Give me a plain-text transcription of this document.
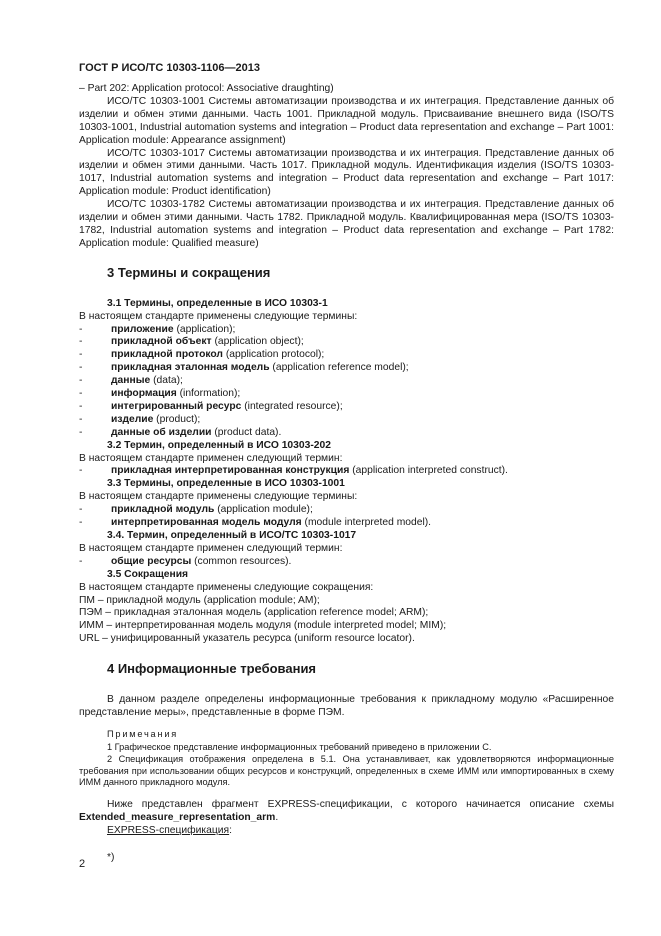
ГОСТ Р ИСО/ТС 10303-1106—2013

– Part 202: Application protocol: Associative draughting)

ИСО/ТС 10303-1001 Системы автоматизации производства и их интеграция. Представление данных об изделии и обмен этими данными. Часть 1001. Прикладной модуль. Присваивание внешнего вида (ISO/TS 10303-1001, Industrial automation systems and integration – Product data representation and exchange – Part 1001: Application module: Appearance assignment)

ИСО/ТС 10303-1017 Системы автоматизации производства и их интеграция. Представление данных об изделии и обмен этими данными. Часть 1017. Прикладной модуль. Идентификация изделия (ISO/TS 10303-1017, Industrial automation systems and integration – Product data representation and exchange – Part 1017: Application module: Product identification)

ИСО/ТС 10303-1782 Системы автоматизации производства и их интеграция. Представление данных об изделии и обмен этими данными. Часть 1782. Прикладной модуль. Квалифицированная мера (ISO/TS 10303-1782, Industrial automation systems and integration – Product data representation and exchange – Part 1782: Application module: Qualified measure)

3 Термины и сокращения
3.1 Термины, определенные в ИСО 10303-1

В настоящем стандарте применены следующие термины:

-	приложение (application);
-	прикладной объект (application object);
-	прикладной протокол (application protocol);
-	прикладная эталонная модель (application reference model);
-	данные (data);
-	информация (information);
-	интегрированный ресурс (integrated resource);
-	изделие (product);
-	данные об изделии (product data).
3.2 Термин, определенный в ИСО 10303-202

В настоящем стандарте применен следующий термин:

-	прикладная интерпретированная конструкция (application interpreted construct).
3.3 Термины, определенные в ИСО 10303-1001

В настоящем стандарте применены следующие термины:

-	прикладной модуль (application module);
-	интерпретированная модель модуля (module interpreted model).
3.4. Термин, определенный в ИСО/ТС 10303-1017

В настоящем стандарте применен следующий термин:

-	общие ресурсы (common resources).
3.5 Сокращения

В настоящем стандарте применены следующие сокращения:

ПМ – прикладной модуль (application module; AM);

ПЭМ – прикладная эталонная модель (application reference model; ARM);

ИММ – интерпретированная модель модуля (module interpreted model; MIM);

URL – унифицированный указатель ресурса (uniform resource locator).

4 Информационные требования

В данном разделе определены информационные требования к прикладному модулю «Расширенное представление меры», представленные в форме ПЭМ.

Примечания

1 Графическое представление информационных требований приведено в приложении С.

2 Спецификация отображения определена в 5.1. Она устанавливает, как удовлетворяются информационные требования при использовании общих ресурсов и конструкций, определенных в схеме ИММ или импортированных в схему ИММ данного прикладного модуля.

Ниже представлен фрагмент EXPRESS-спецификации, с которого начинается описание схемы Extended_measure_representation_arm.

EXPRESS-спецификация:

*)

2
